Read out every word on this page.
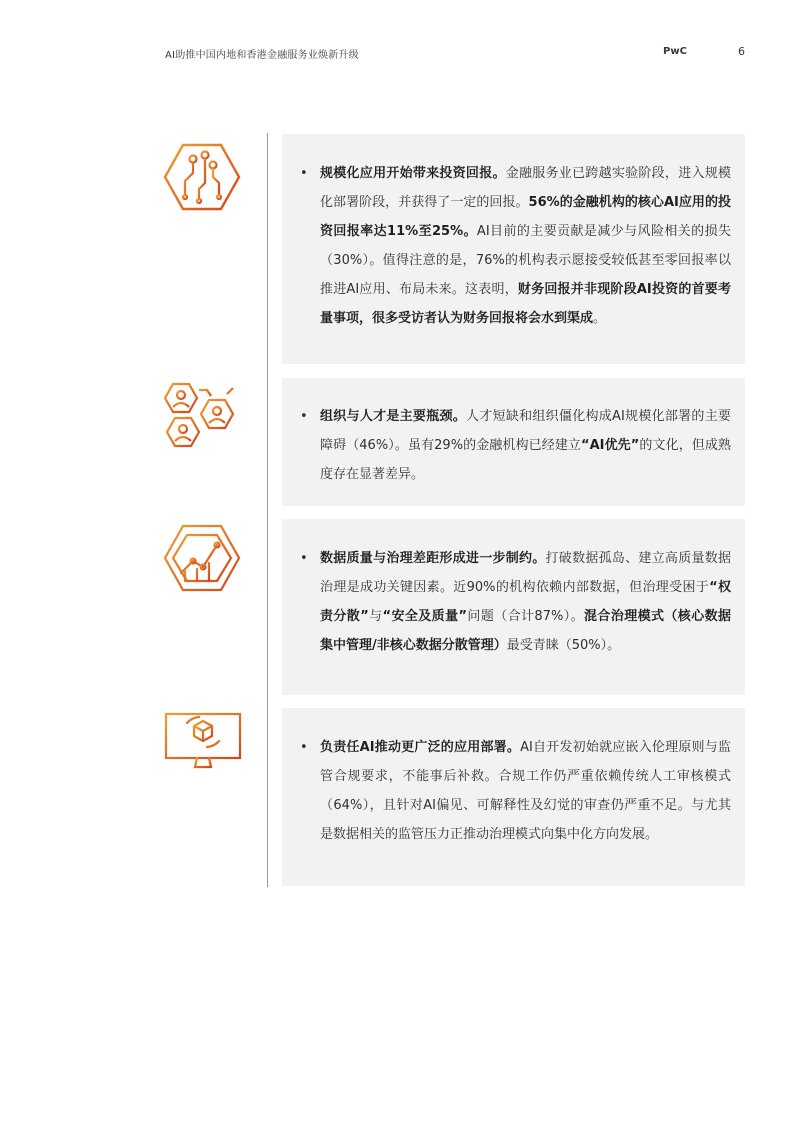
AI助推中国内地和香港金融服务业焕新升级	PwC	6
• 规模化应用开始带来投资回报。金融服务业已跨越实验阶段，进入规模化部署阶段，并获得了一定的回报。56%的金融机构的核心AI应用的投资回报率达11%至25%。AI目前的主要贡献是减少与风险相关的损失（30%）。值得注意的是，76%的机构表示愿接受较低甚至零回报率以推进AI应用、布局未来。这表明，财务回报并非现阶段AI投资的首要考量事项，很多受访者认为财务回报将会水到渠成。
• 组织与人才是主要瓶颈。人才短缺和组织僵化构成AI规模化部署的主要障碍（46%）。虽有29%的金融机构已经建立“AI优先”的文化，但成熟度存在显著差异。
• 数据质量与治理差距形成进一步制约。打破数据孤岛、建立高质量数据治理是成功关键因素。近90%的机构依赖内部数据，但治理受困于“权责分散”与“安全及质量”问题（合计87%）。混合治理模式（核心数据集中管理/非核心数据分散管理）最受青睐（50%）。
• 负责任AI推动更广泛的应用部署。AI自开发初始就应嵌入伦理原则与监管合规要求，不能事后补救。合规工作仍严重依赖传统人工审核模式（64%），且针对AI偏见、可解释性及幻觉的审查仍严重不足。与尤其是数据相关的监管压力正推动治理模式向集中化方向发展。
